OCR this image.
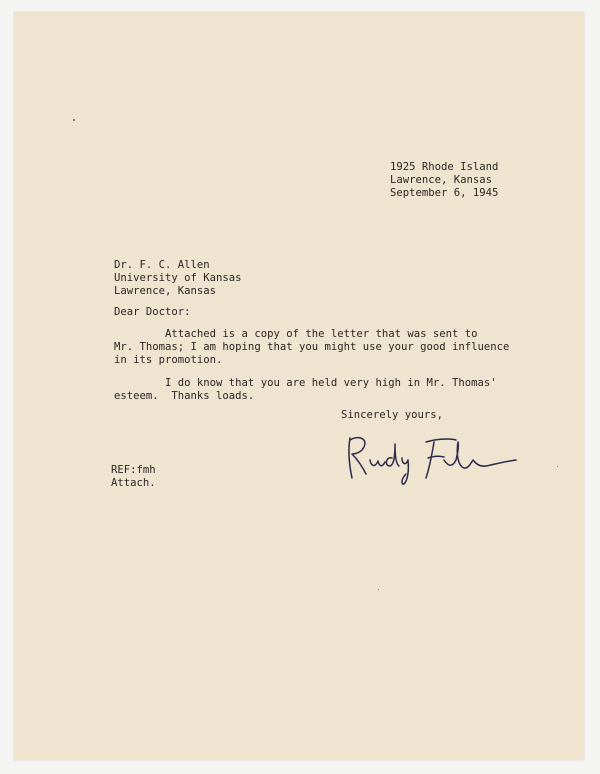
1925 Rhode Island
Lawrence, Kansas
September 6, 1945
Dr. F. C. Allen
University of Kansas
Lawrence, Kansas

Dear Doctor:

Attached is a copy of the letter that was sent to
Mr. Thomas; I am hoping that you might use your good influence
in its promotion.
I do know that you are held very high in Mr. Thomas'
esteem.  Thanks loads.

Sincerely yours,

REF:fmh
Attach.
